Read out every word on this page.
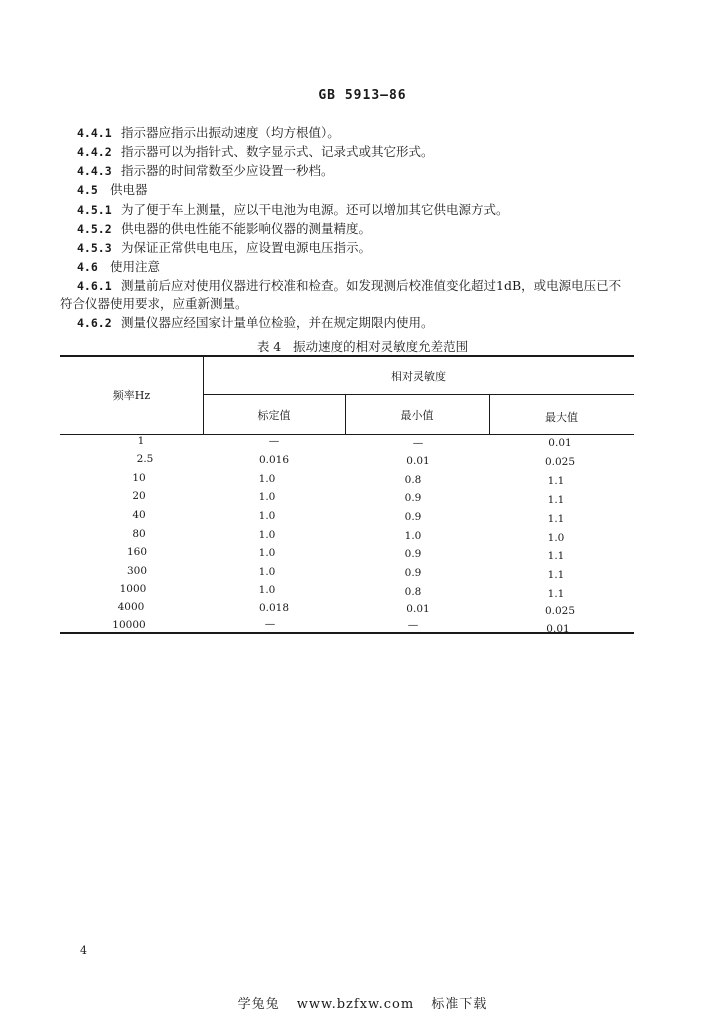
GB 5913—86
4.4.1 指示器应指示出振动速度（均方根值）。
4.4.2 指示器可以为指针式、数字显示式、记录式或其它形式。
4.4.3 指示器的时间常数至少应设置一秒档。
4.5 供电器
4.5.1 为了便于车上测量，应以干电池为电源。还可以增加其它供电源方式。
4.5.2 供电器的供电性能不能影响仪器的测量精度。
4.5.3 为保证正常供电电压，应设置电源电压指示。
4.6 使用注意
4.6.1 测量前后应对使用仪器进行校准和检查。如发现测后校准值变化超过1dB，或电源电压已不
符合仪器使用要求，应重新测量。
4.6.2 测量仪器应经国家计量单位检验，并在规定期限内使用。
表 4   振动速度的相对灵敏度允差范围
频率Hz
相对灵敏度
标定值	最小值	最大值
1	—	—	0.01
2.5	0.016	0.01	0.025
10	1.0	0.8	1.1
20	1.0	0.9	1.1
40	1.0	0.9	1.1
80	1.0	1.0	1.0
160	1.0	0.9	1.1
300	1.0	0.9	1.1
1000	1.0	0.8	1.1
4000	0.018	0.01	0.025
10000	—	—	0.01
4
学兔兔 www.bzfxw.com 标准下载
